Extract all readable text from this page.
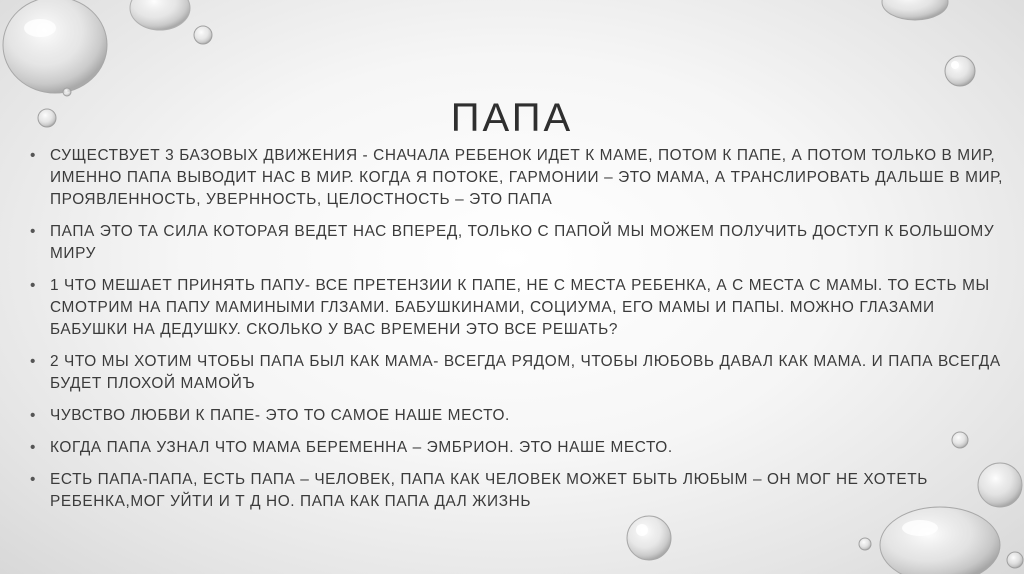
ПАПА
• СУЩЕСТВУЕТ 3 БАЗОВЫХ ДВИЖЕНИЯ - СНАЧАЛА РЕБЕНОК ИДЕТ К МАМЕ, ПОТОМ К ПАПЕ, А ПОТОМ ТОЛЬКО В МИР, ИМЕННО ПАПА ВЫВОДИТ НАС В МИР. КОГДА Я ПОТОКЕ, ГАРМОНИИ – ЭТО МАМА, А ТРАНСЛИРОВАТЬ ДАЛЬШЕ В МИР, ПРОЯВЛЕННОСТЬ, УВЕРННОСТЬ, ЦЕЛОСТНОСТЬ – ЭТО ПАПА
• ПАПА ЭТО ТА СИЛА КОТОРАЯ ВЕДЕТ НАС ВПЕРЕД, ТОЛЬКО С ПАПОЙ МЫ МОЖЕМ ПОЛУЧИТЬ ДОСТУП К БОЛЬШОМУ МИРУ
• 1 ЧТО МЕШАЕТ ПРИНЯТЬ ПАПУ- ВСЕ ПРЕТЕНЗИИ К ПАПЕ, НЕ С МЕСТА РЕБЕНКА, А С МЕСТА С МАМЫ. ТО ЕСТЬ МЫ СМОТРИМ НА ПАПУ МАМИНЫМИ ГЛЗАМИ. БАБУШКИНАМИ, СОЦИУМА, ЕГО МАМЫ И ПАПЫ. МОЖНО ГЛАЗАМИ БАБУШКИ НА ДЕДУШКУ. СКОЛЬКО У ВАС ВРЕМЕНИ ЭТО ВСЕ РЕШАТЬ?
• 2 ЧТО МЫ ХОТИМ ЧТОБЫ ПАПА БЫЛ КАК МАМА- ВСЕГДА РЯДОМ, ЧТОБЫ ЛЮБОВЬ ДАВАЛ КАК МАМА. И ПАПА ВСЕГДА БУДЕТ ПЛОХОЙ МАМОЙЪ
• ЧУВСТВО ЛЮБВИ К ПАПЕ- ЭТО ТО САМОЕ НАШЕ МЕСТО.
• КОГДА ПАПА УЗНАЛ ЧТО МАМА БЕРЕМЕННА – ЭМБРИОН. ЭТО НАШЕ МЕСТО.
• ЕСТЬ ПАПА-ПАПА, ЕСТЬ ПАПА – ЧЕЛОВЕК, ПАПА КАК ЧЕЛОВЕК МОЖЕТ БЫТЬ ЛЮБЫМ – ОН МОГ НЕ ХОТЕТЬ РЕБЕНКА,МОГ УЙТИ И Т Д НО. ПАПА КАК ПАПА ДАЛ ЖИЗНЬ
